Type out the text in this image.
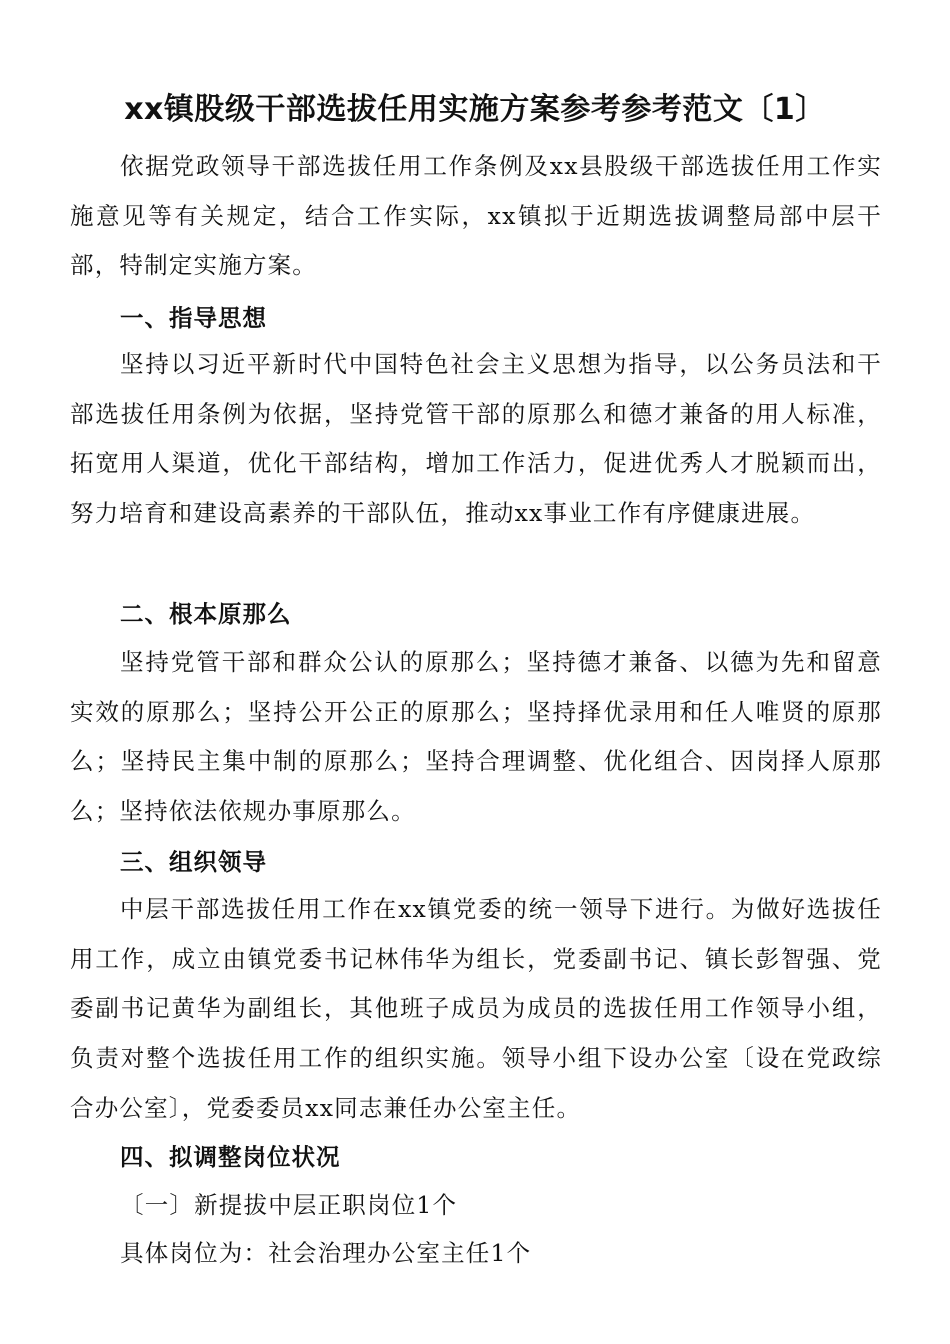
xx镇股级干部选拔任用实施方案参考参考范文〔1〕

依据党政领导干部选拔任用工作条例及xx县股级干部选拔任用工作实施意见等有关规定，结合工作实际，xx镇拟于近期选拔调整局部中层干部，特制定实施方案。

一、指导思想

坚持以习近平新时代中国特色社会主义思想为指导，以公务员法和干部选拔任用条例为依据，坚持党管干部的原那么和德才兼备的用人标准，拓宽用人渠道，优化干部结构，增加工作活力，促进优秀人才脱颖而出，努力培育和建设高素养的干部队伍，推动xx事业工作有序健康进展。

二、根本原那么

坚持党管干部和群众公认的原那么；坚持德才兼备、以德为先和留意实效的原那么；坚持公开公正的原那么；坚持择优录用和任人唯贤的原那么；坚持民主集中制的原那么；坚持合理调整、优化组合、因岗择人原那么；坚持依法依规办事原那么。

三、组织领导

中层干部选拔任用工作在xx镇党委的统一领导下进行。为做好选拔任用工作，成立由镇党委书记林伟华为组长，党委副书记、镇长彭智强、党委副书记黄华为副组长，其他班子成员为成员的选拔任用工作领导小组，负责对整个选拔任用工作的组织实施。领导小组下设办公室〔设在党政综合办公室〕，党委委员xx同志兼任办公室主任。

四、拟调整岗位状况

〔一〕新提拔中层正职岗位1个

具体岗位为：社会治理办公室主任1个
